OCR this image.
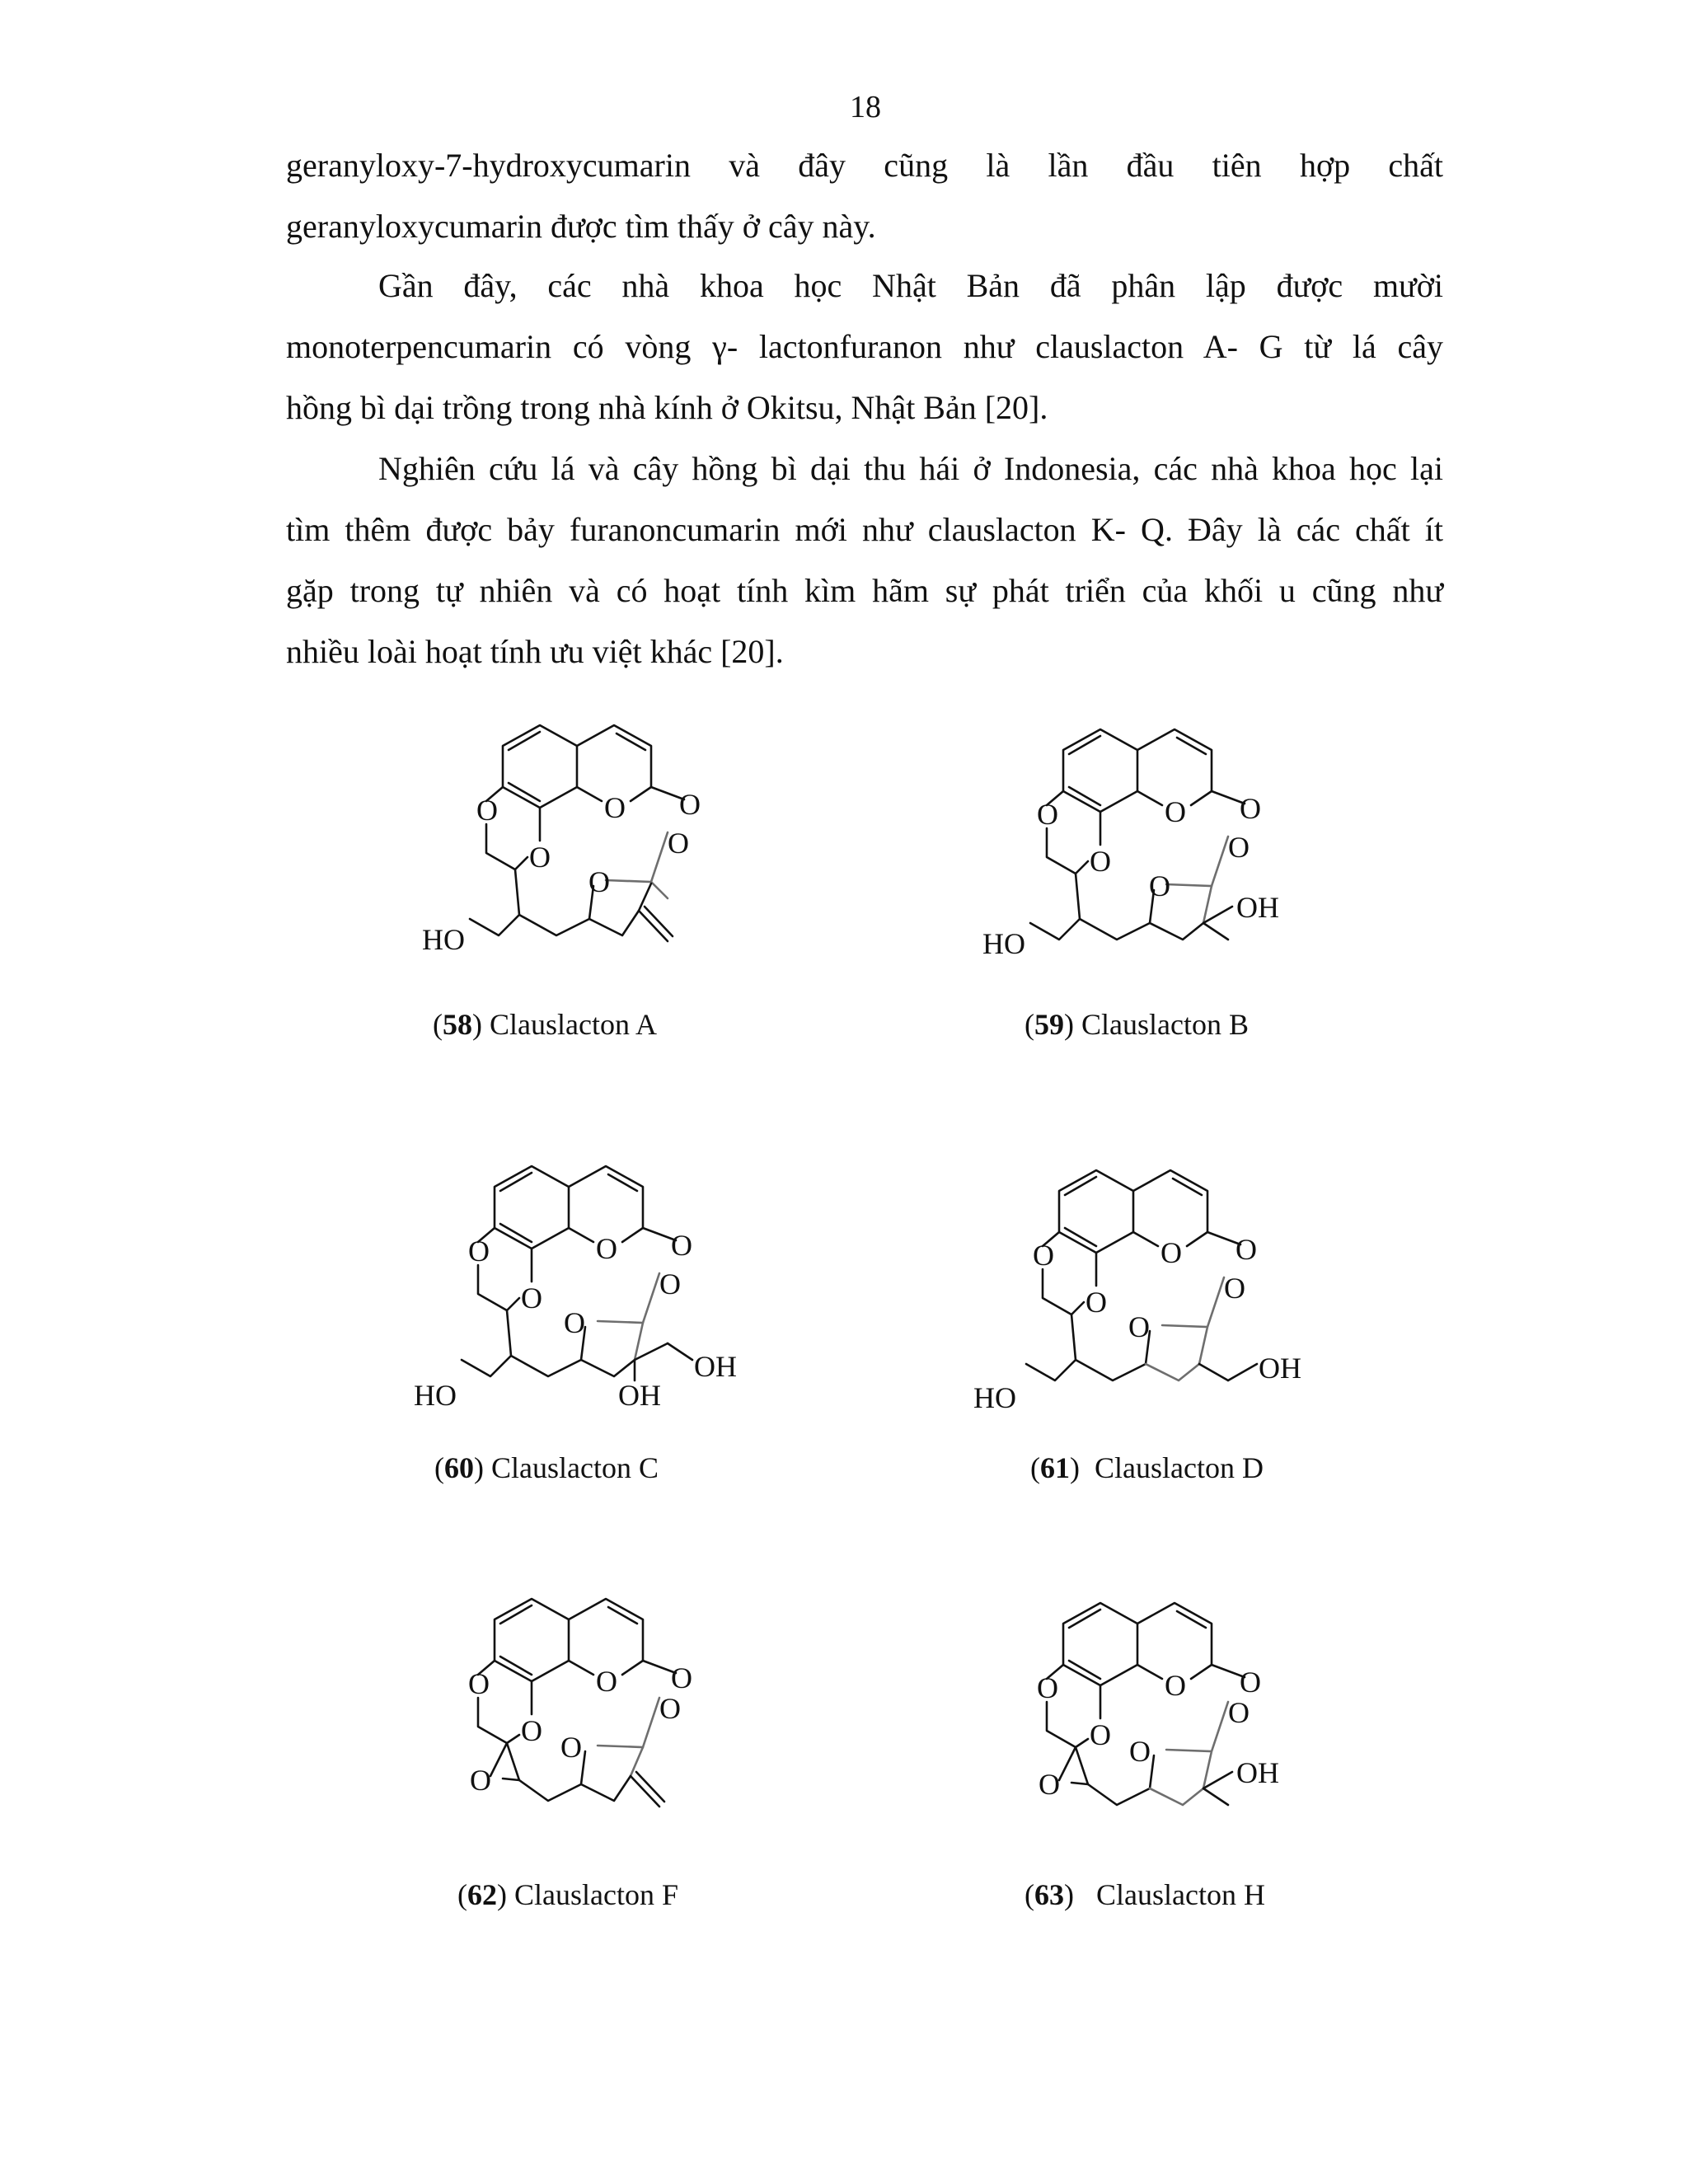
18

geranyloxy-7-hydroxycumarin và đây cũng là lần đầu tiên hợp chất

geranyloxycumarin được tìm thấy ở cây này.

Gần đây, các nhà khoa học Nhật Bản đã phân lập được mười

monoterpencumarin có vòng γ- lactonfuranon như clauslacton A- G từ lá cây

hồng bì dại trồng trong nhà kính ở Okitsu, Nhật Bản [20].

Nghiên cứu lá và cây hồng bì dại thu hái ở Indonesia, các nhà khoa học lại

tìm thêm được bảy furanoncumarin mới như clauslacton K- Q. Đây là các chất ít

gặp trong tự nhiên và có hoạt tính kìm hãm sự phát triển của khối u cũng như

nhiều loài hoạt tính ưu việt khác [20].

O	O O
O
O
O
HO
(58) Clauslacton A
O	O O
O
O
O
OH
HO
(59) Clauslacton B
O	O O
O
O
O
OH
OH
HO
(60) Clauslacton C
O	O O
O
O
O
OH
HO
(61)  Clauslacton D
O	O O
O
O
O
O
(62) Clauslacton F
O	O O
O
O
O
O
OH
(63)   Clauslacton H
